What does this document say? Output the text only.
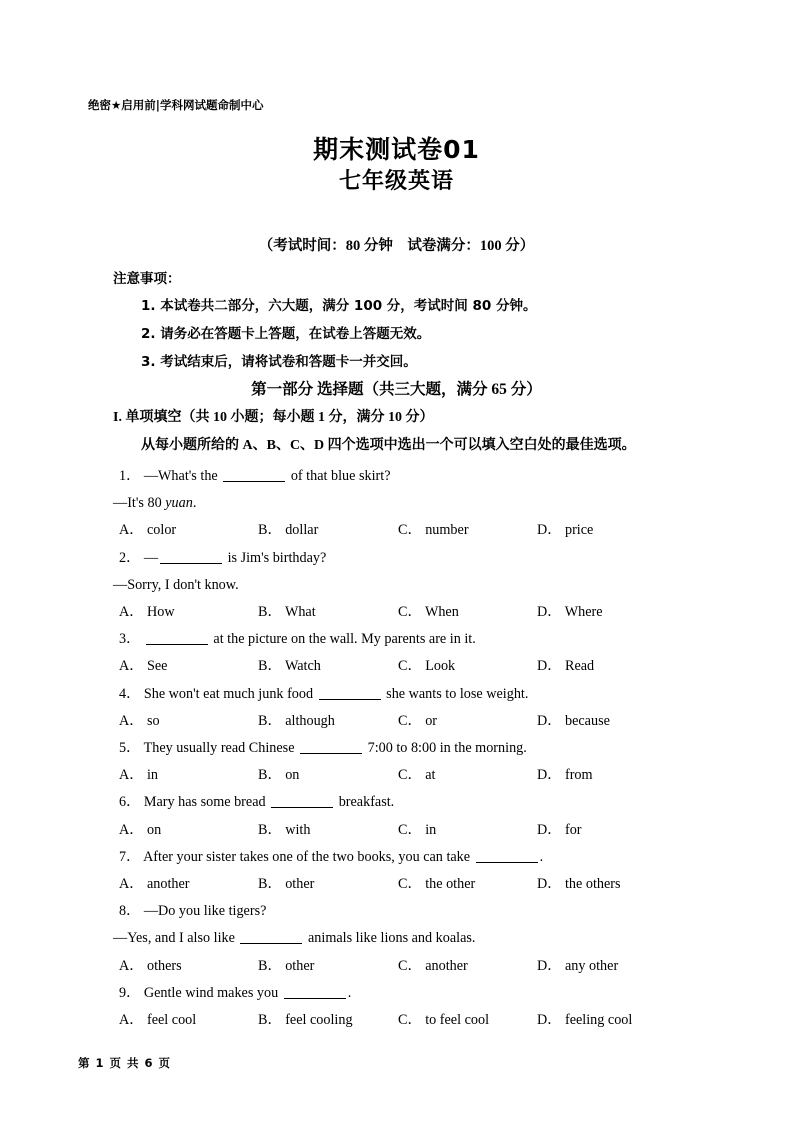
绝密★启用前|学科网试题命制中心
期末测试卷01
七年级英语
（考试时间：80 分钟　试卷满分：100 分）
注意事项：
1. 本试卷共二部分，六大题，满分 100 分，考试时间 80 分钟。
2. 请务必在答题卡上答题，在试卷上答题无效。
3. 考试结束后，请将试卷和答题卡一并交回。
第一部分 选择题（共三大题，满分 65 分）
I. 单项填空（共 10 小题；每小题 1 分，满分 10 分）
从每小题所给的 A、B、C、D 四个选项中选出一个可以填入空白处的最佳选项。
1． —What's the	of that blue skirt?
—It's 80 yuan.
A． color	B． dollar	C． number	D． price
2． —	is Jim's birthday?
—Sorry, I don't know.
A． How	B． What	C． When	D． Where
3．	at the picture on the wall. My parents are in it.
A． See	B． Watch	C． Look	D． Read
4． She won't eat much junk food	she wants to lose weight.
A． so	B． although	C． or	D． because
5． They usually read Chinese	7:00 to 8:00 in the morning.
A． in	B． on	C． at	D． from
6． Mary has some bread	breakfast.
A． on	B． with	C． in	D． for
7． After your sister takes one of the two books, you can take	.
A． another	B． other	C． the other	D． the others
8． —Do you like tigers?
—Yes, and I also like	animals like lions and koalas.
A． others	B． other	C． another	D． any other
9． Gentle wind makes you	.
A． feel cool	B． feel cooling	C． to feel cool	D． feeling cool
第 1 页 共 6 页
